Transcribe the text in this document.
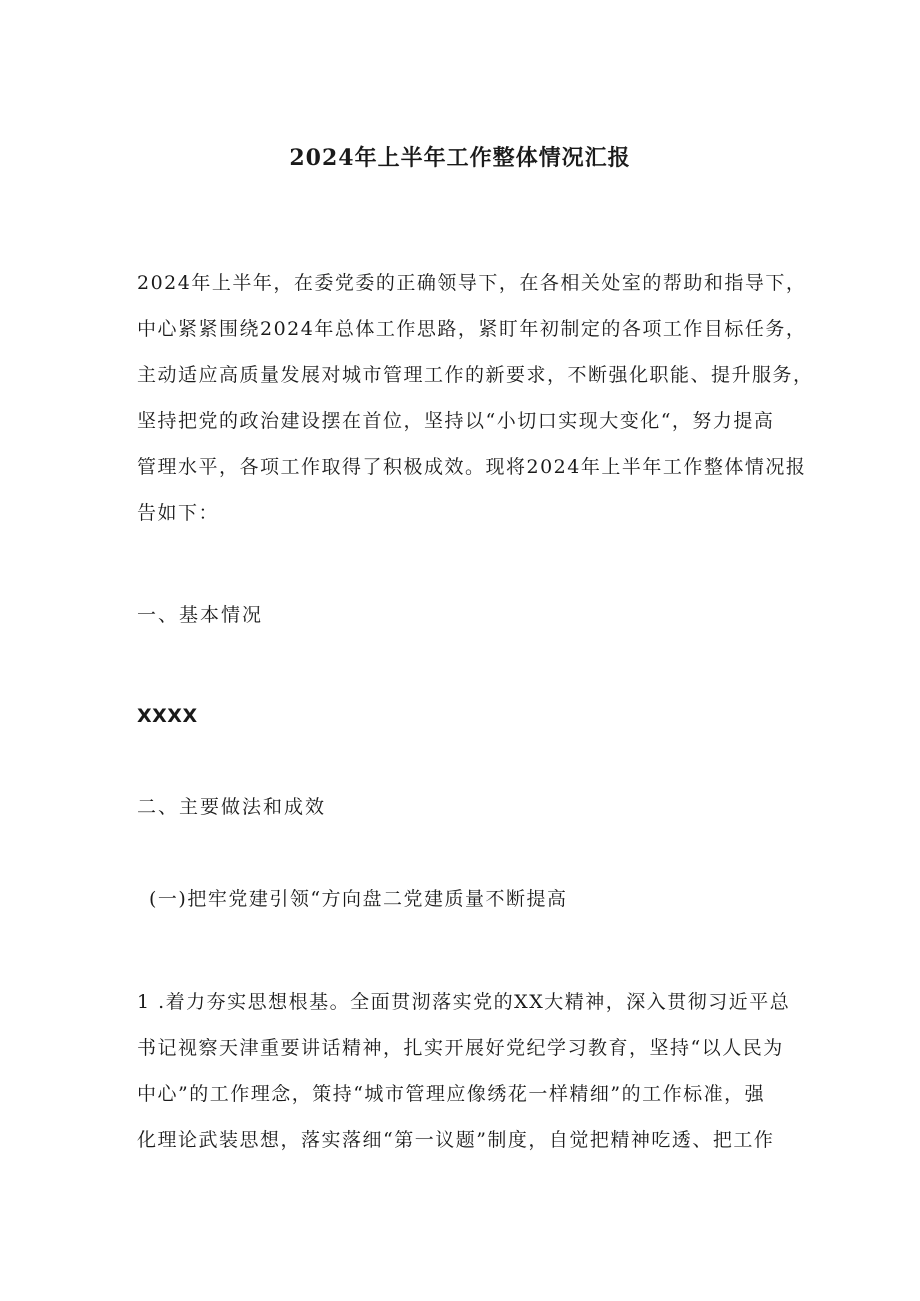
2024年上半年工作整体情况汇报
2024年上半年，在委党委的正确领导下，在各相关处室的帮助和指导下，
中心紧紧围绕2024年总体工作思路，紧盯年初制定的各项工作目标任务，
主动适应高质量发展对城市管理工作的新要求，不断强化职能、提升服务，
坚持把党的政治建设摆在首位，坚持以“小切口实现大变化“，努力提高
管理水平，各项工作取得了积极成效。现将2024年上半年工作整体情况报
告如下：
一、基本情况
XXXX
二、主要做法和成效
(一)把牢党建引领“方向盘二党建质量不断提高
1 .着力夯实思想根基。全面贯沏落实党的XX大精神，深入贯彻习近平总
书记视察天津重要讲话精神，扎实开展好党纪学习教育，坚持“以人民为
中心”的工作理念，策持“城市管理应像绣花一样精细”的工作标准，强
化理论武装思想，落实落细“第一议题”制度，自觉把精神吃透、把工作
